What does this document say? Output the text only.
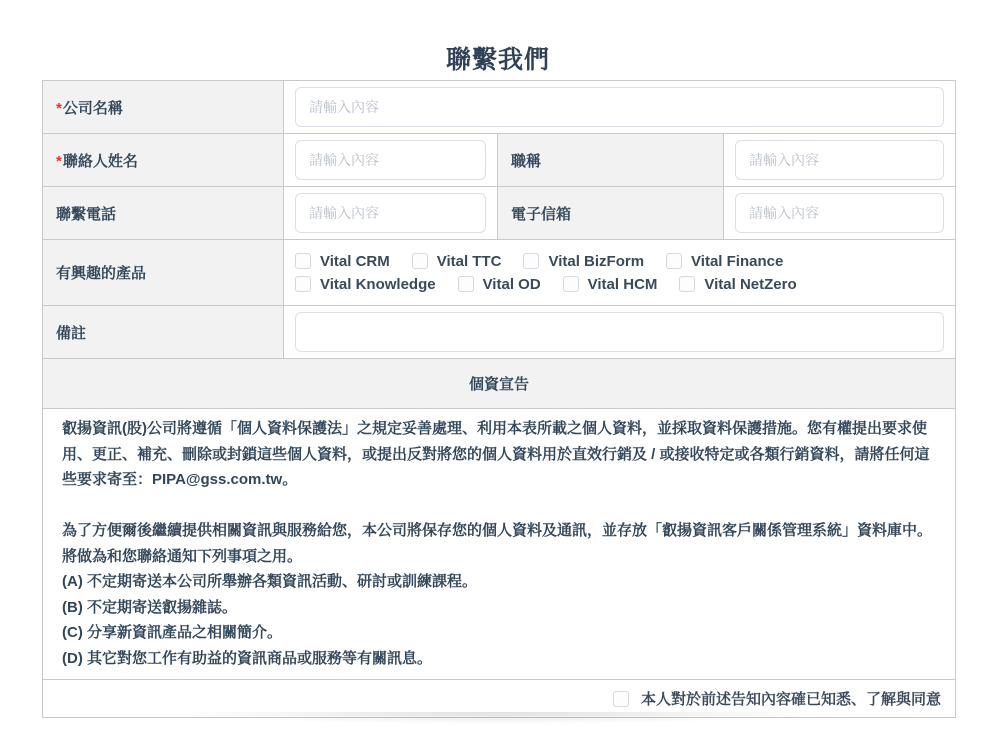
聯繫我們
*公司名稱	請輸入內容
*聯絡人姓名	請輸入內容	職稱	請輸入內容
聯繫電話	請輸入內容	電子信箱	請輸入內容
有興趣的產品	
Vital CRM	Vital TTC	Vital BizForm	Vital Finance
Vital Knowledge	Vital OD	Vital HCM	Vital NetZero

備註	
個資宣告			

叡揚資訊(股)公司將遵循「個人資料保護法」之規定妥善處理、利用本表所載之個人資料，並採取資料保護措施。您有權提出要求使用、更正、補充、刪除或封鎖這些個人資料，或提出反對將您的個人資料用於直效行銷及 / 或接收特定或各類行銷資料，請將任何這些要求寄至：PIPA@gss.com.tw。
為了方便爾後繼續提供相關資訊與服務給您，本公司將保存您的個人資料及通訊，並存放「叡揚資訊客戶關係管理系統」資料庫中。將做為和您聯絡通知下列事項之用。
(A) 不定期寄送本公司所舉辦各類資訊活動、研討或訓練課程。
(B) 不定期寄送叡揚雜誌。
(C) 分享新資訊產品之相關簡介。
(D) 其它對您工作有助益的資訊商品或服務等有關訊息。

本人對於前述告知內容確已知悉、了解與同意			
